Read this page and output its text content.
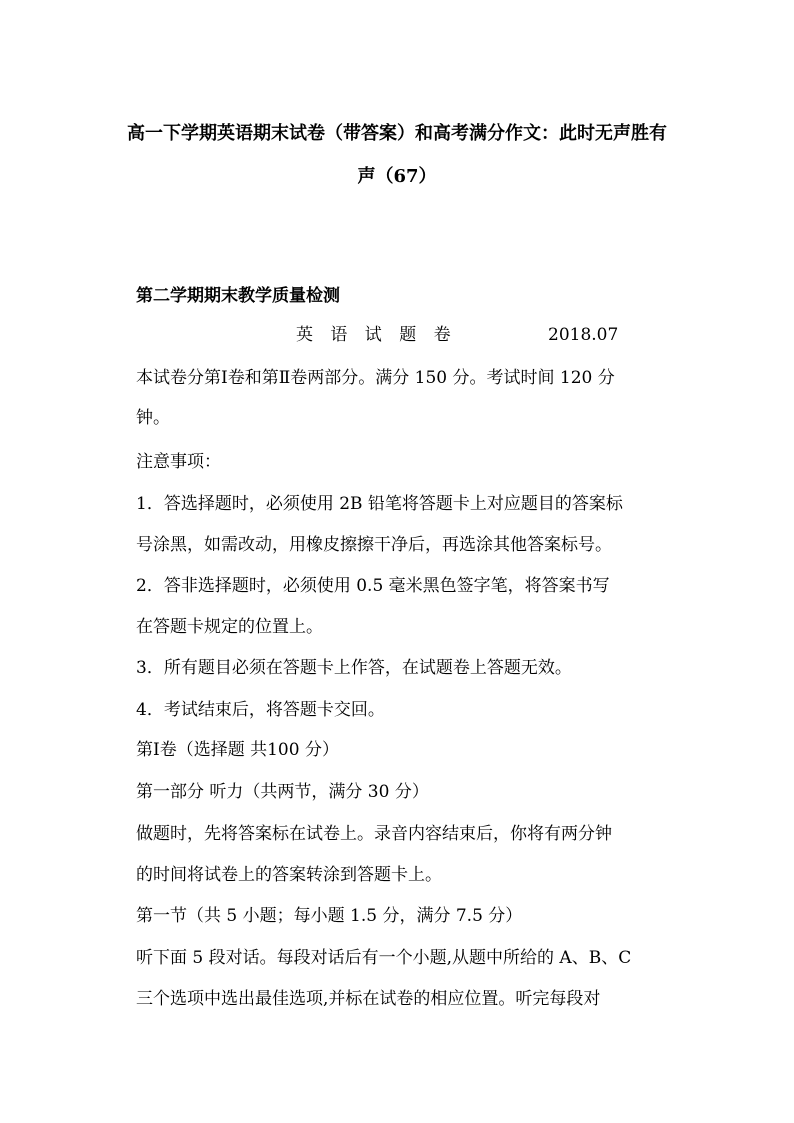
高一下学期英语期末试卷（带答案）和高考满分作文：此时无声胜有
声（67）
第二学期期末教学质量检测
英 语 试 题 卷	2018.07
本试卷分第Ⅰ卷和第Ⅱ卷两部分。满分 150 分。考试时间 120 分
钟。
注意事项：
1．答选择题时，必须使用 2B 铅笔将答题卡上对应题目的答案标
号涂黑，如需改动，用橡皮擦擦干净后，再选涂其他答案标号。
2．答非选择题时，必须使用 0.5 毫米黑色签字笔，将答案书写
在答题卡规定的位置上。
3．所有题目必须在答题卡上作答，在试题卷上答题无效。
4．考试结束后，将答题卡交回。
第Ⅰ卷（选择题 共100 分）
第一部分 听力（共两节，满分 30 分）
做题时，先将答案标在试卷上。录音内容结束后，你将有两分钟
的时间将试卷上的答案转涂到答题卡上。
第一节（共 5 小题；每小题 1.5 分，满分 7.5 分）
听下面 5 段对话。每段对话后有一个小题,从题中所给的 A、B、C
三个选项中选出最佳选项,并标在试卷的相应位置。听完每段对
